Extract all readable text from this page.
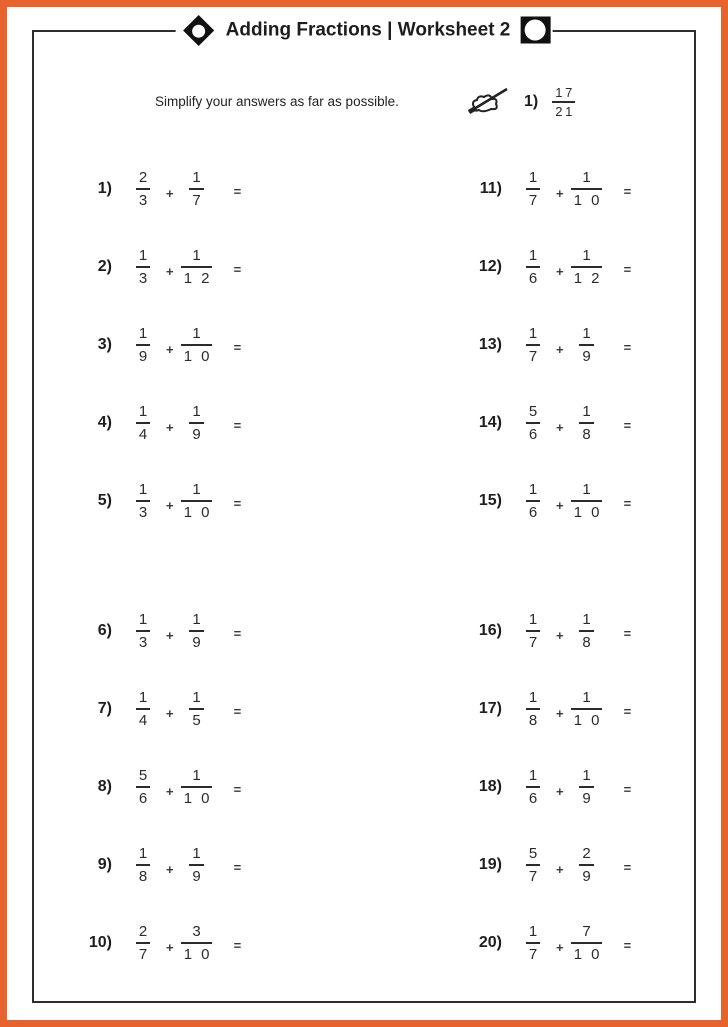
Adding Fractions | Worksheet 2
Simplify your answers as far as possible.	$1) \frac{1 7}{2 1}$
$1) \frac{2}{3} + \frac{1}{7}$ =
$2) \frac{1}{3} + \frac{1}{1 2}$ =
$3) \frac{1}{9} + \frac{1}{1 0}$ =
$4) \frac{1}{4} + \frac{1}{9}$ =
$5) \frac{1}{3} + \frac{1}{1 0}$ =
$6) \frac{1}{3} + \frac{1}{9}$ =
$7) \frac{1}{4} + \frac{1}{5}$ =
$8) \frac{5}{6} + \frac{1}{1 0}$ =
$9) \frac{1}{8} + \frac{1}{9}$ =
$10) \frac{2}{7} + \frac{3}{1 0}$ =
$11) \frac{1}{7} + \frac{1}{1 0}$ =
$12) \frac{1}{6} + \frac{1}{1 2}$ =
$13) \frac{1}{7} + \frac{1}{9}$ =
$14) \frac{5}{6} + \frac{1}{8}$ =
$15) \frac{1}{6} + \frac{1}{1 0}$ =
$16) \frac{1}{7} + \frac{1}{8}$ =
$17) \frac{1}{8} + \frac{1}{1 0}$ =
$18) \frac{1}{6} + \frac{1}{9}$ =
$19) \frac{5}{7} + \frac{2}{9}$ =
$20) \frac{1}{7} + \frac{7}{1 0}$ =
